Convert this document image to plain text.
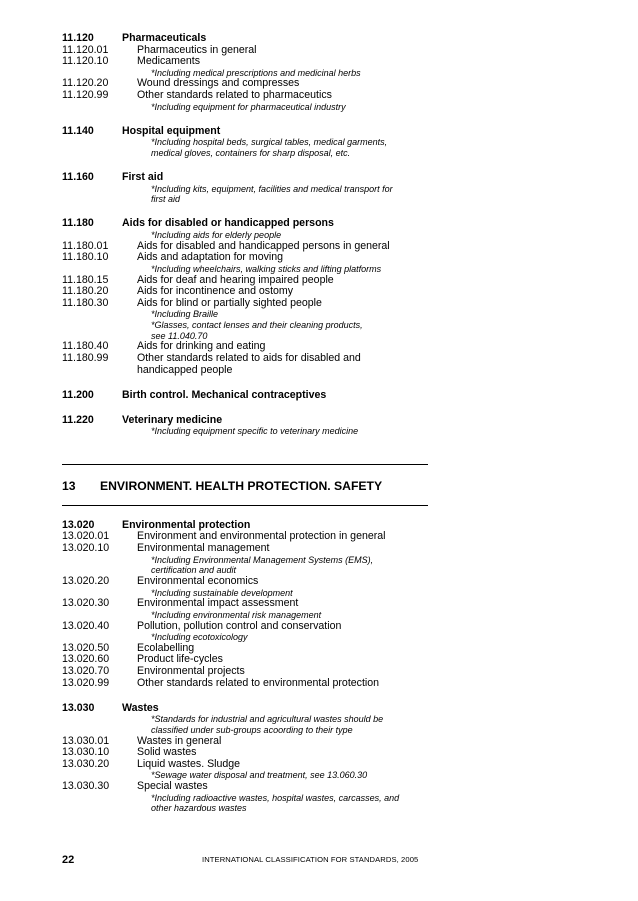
11.120	Pharmaceuticals
11.120.01	Pharmaceutics in general
11.120.10	Medicaments
*Including medical prescriptions and medicinal herbs
11.120.20	Wound dressings and compresses
11.120.99	Other standards related to pharmaceutics
*Including equipment for pharmaceutical industry
11.140	Hospital equipment
*Including hospital beds, surgical tables, medical garments,
medical gloves, containers for sharp disposal, etc.
11.160	First aid
*Including kits, equipment, facilities and medical transport for
first aid
11.180	Aids for disabled or handicapped persons
*Including aids for elderly people
11.180.01	Aids for disabled and handicapped persons in general
11.180.10	Aids and adaptation for moving
*Including wheelchairs, walking sticks and lifting platforms
11.180.15	Aids for deaf and hearing impaired people
11.180.20	Aids for incontinence and ostomy
11.180.30	Aids for blind or partially sighted people
*Including Braille
*Glasses, contact lenses and their cleaning products,
see 11.040.70
11.180.40	Aids for drinking and eating
11.180.99	Other standards related to aids for disabled and
handicapped people
11.200	Birth control. Mechanical contraceptives
11.220	Veterinary medicine
*Including equipment specific to veterinary medicine
13 ENVIRONMENT. HEALTH PROTECTION. SAFETY
13.020	Environmental protection
13.020.01	Environment and environmental protection in general
13.020.10	Environmental management
*Including Environmental Management Systems (EMS),
certification and audit
13.020.20	Environmental economics
*Including sustainable development
13.020.30	Environmental impact assessment
*Including environmental risk management
13.020.40	Pollution, pollution control and conservation
*Including ecotoxicology
13.020.50	Ecolabelling
13.020.60	Product life-cycles
13.020.70	Environmental projects
13.020.99	Other standards related to environmental protection
13.030	Wastes
*Standards for industrial and agricultural wastes should be
classified under sub-groups acoording to their type
13.030.01	Wastes in general
13.030.10	Solid wastes
13.030.20	Liquid wastes. Sludge
*Sewage water disposal and treatment, see 13.060.30
13.030.30	Special wastes
*Including radioactive wastes, hospital wastes, carcasses, and
other hazardous wastes
22	INTERNATIONAL CLASSIFICATION FOR STANDARDS, 2005
